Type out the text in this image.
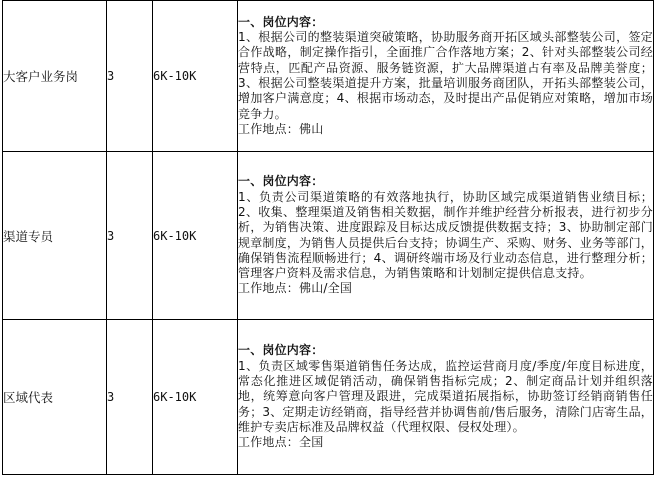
大客户业务岗	3	6K-10K	一、岗位内容：
1、根据公司的整装渠道突破策略，协助服务商开拓区域头部整装公司，签定合作战略，制定操作指引，全面推广合作落地方案；2、针对头部整装公司经营特点，匹配产品资源、服务链资源，扩大品牌渠道占有率及品牌美誉度；3、根据公司整装渠道提升方案，批量培训服务商团队，开拓头部整装公司，增加客户满意度；4、根据市场动态，及时提出产品促销应对策略，增加市场竞争力。
工作地点：佛山

渠道专员	3	6K-10K	一、岗位内容：
1、负责公司渠道策略的有效落地执行，协助区域完成渠道销售业绩目标；2、收集、整理渠道及销售相关数据，制作并维护经营分析报表，进行初步分析，为销售决策、进度跟踪及目标达成反馈提供数据支持；3、协助制定部门规章制度，为销售人员提供后台支持；协调生产、采购、财务、业务等部门，确保销售流程顺畅进行；4、调研终端市场及行业动态信息，进行整理分析；管理客户资料及需求信息，为销售策略和计划制定提供信息支持。
工作地点：佛山/全国

区域代表	3	6K-10K	一、岗位内容：
1、负责区域零售渠道销售任务达成，监控运营商月度/季度/年度目标进度，常态化推进区域促销活动，确保销售指标完成；2、制定商品计划并组织落地，统筹意向客户管理及跟进，完成渠道拓展指标，协助签订经销商销售任务；3、定期走访经销商，指导经营并协调售前/售后服务，清除门店寄生品，维护专卖店标准及品牌权益（代理权限、侵权处理）。
工作地点：全国
